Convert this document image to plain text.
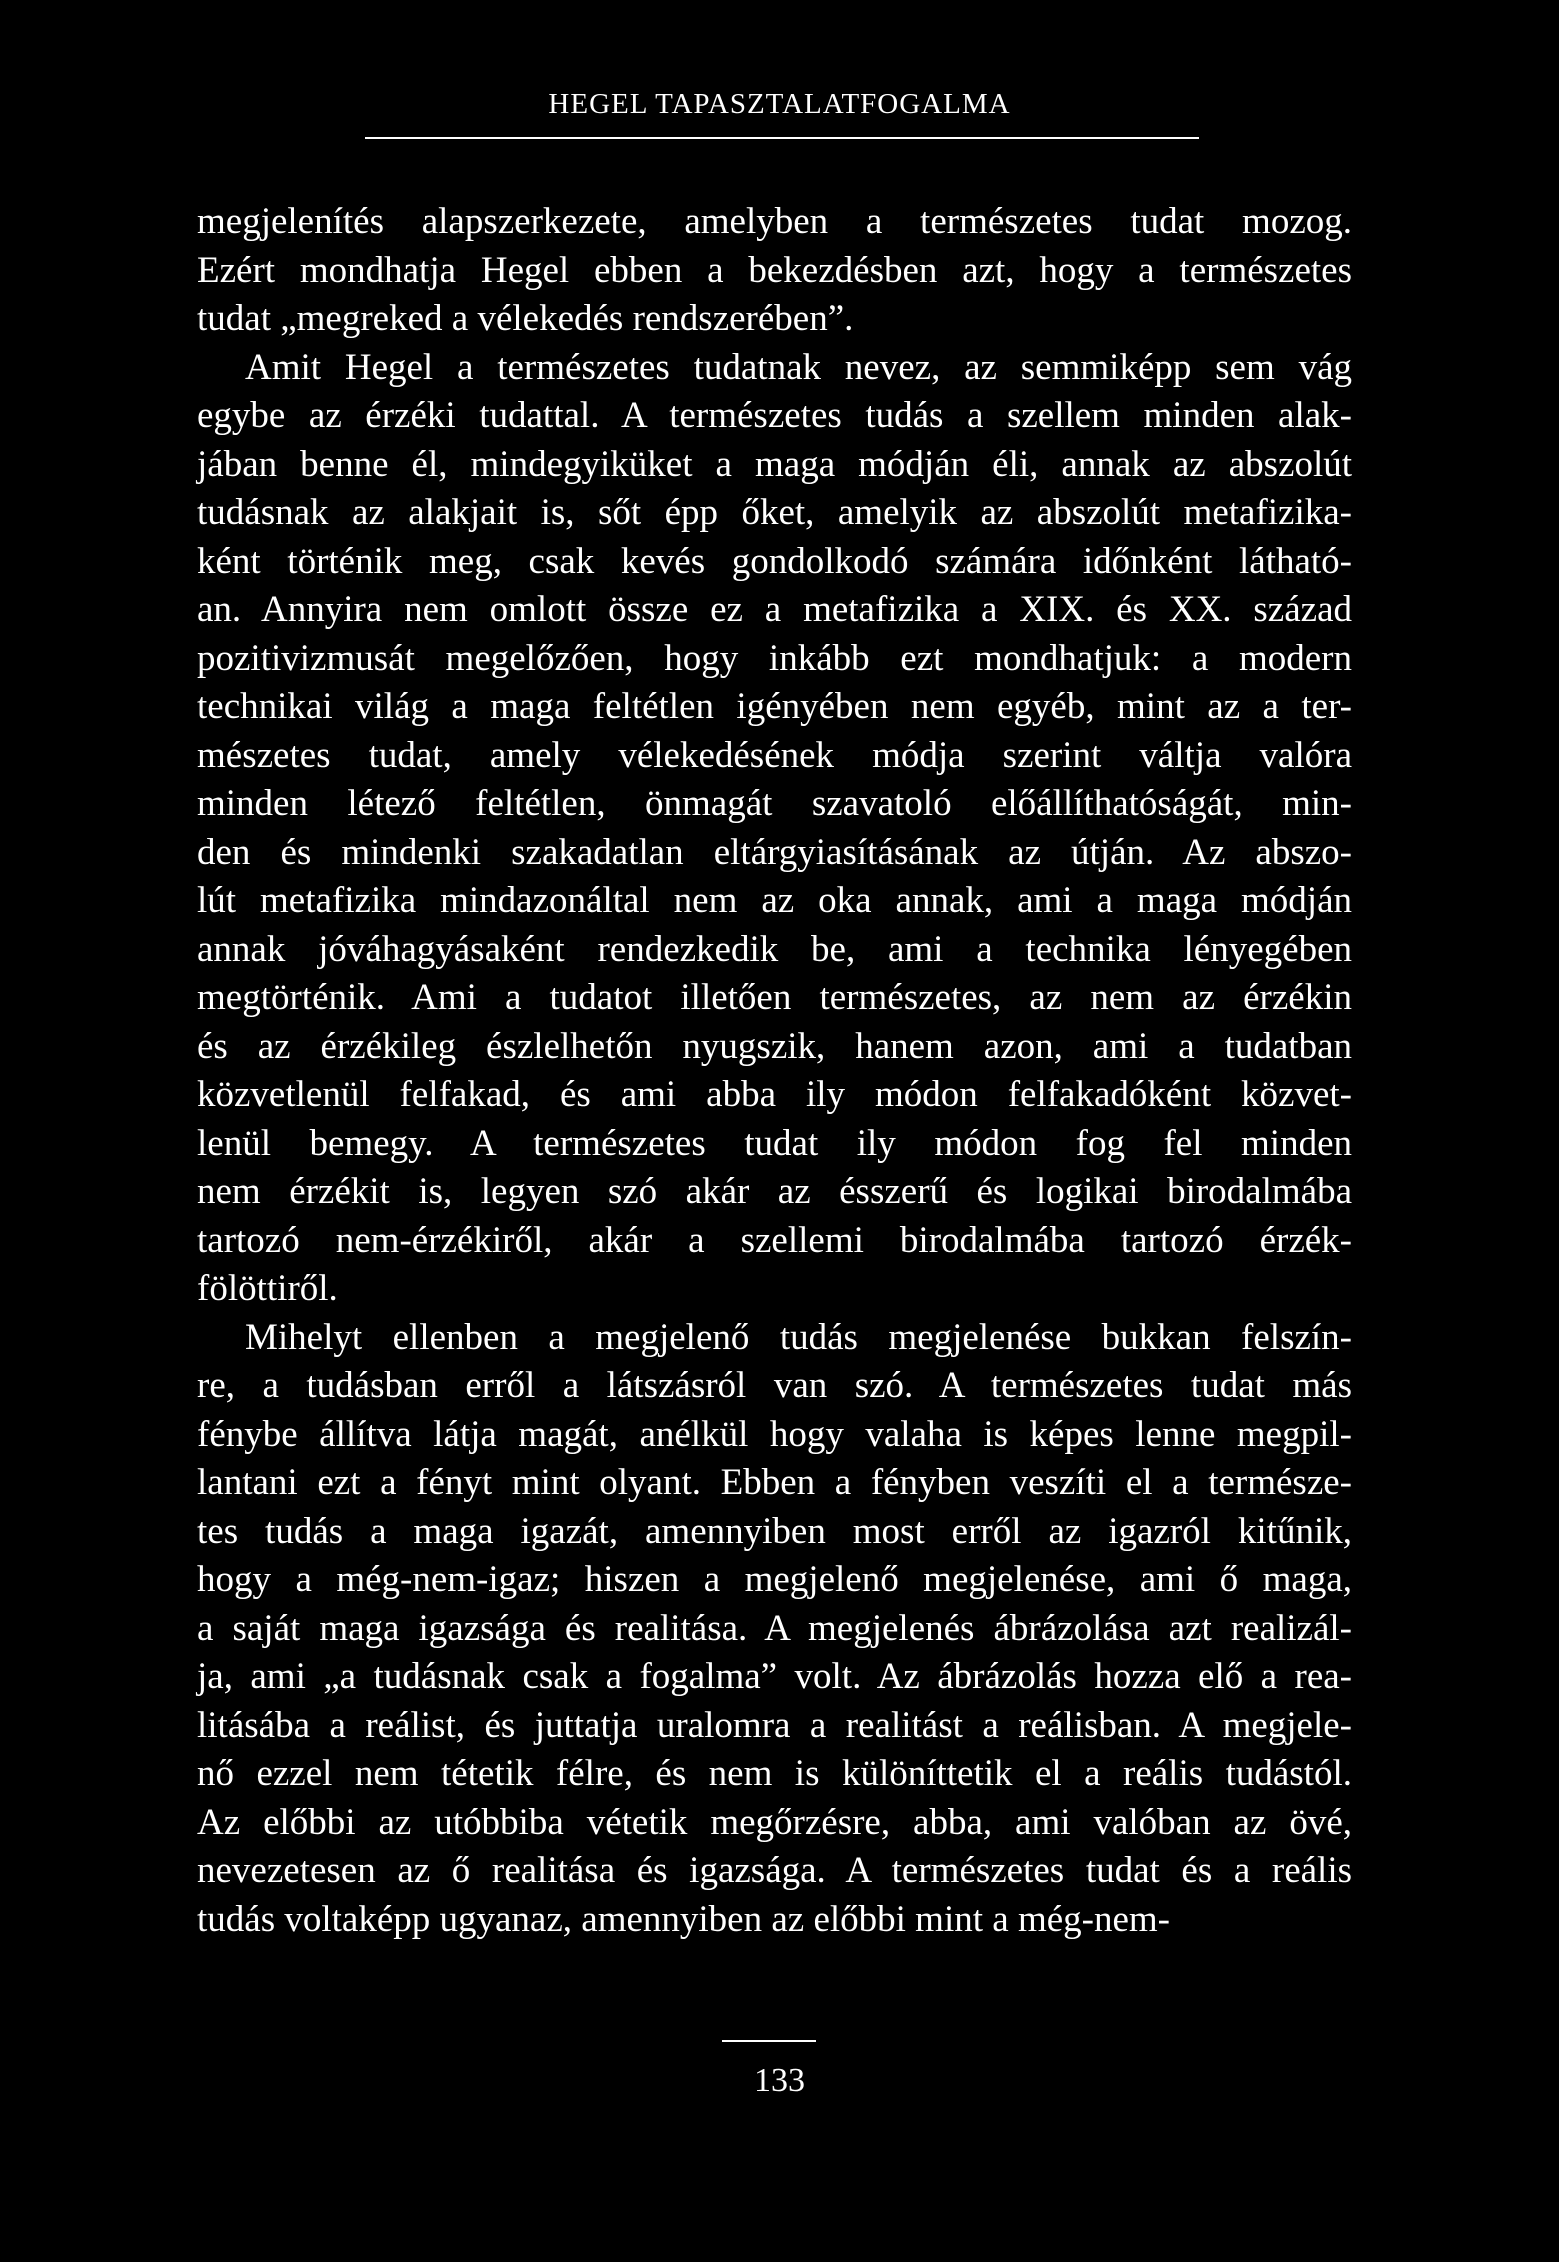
HEGEL TAPASZTALATFOGALMA
megjelenítés alapszerkezete, amelyben a természetes tudat mozog.
Ezért mondhatja Hegel ebben a bekezdésben azt, hogy a természetes
tudat „megreked a vélekedés rendszerében”.
Amit Hegel a természetes tudatnak nevez, az semmiképp sem vág
egybe az érzéki tudattal. A természetes tudás a szellem minden alak-
jában benne él, mindegyiküket a maga módján éli, annak az abszolút
tudásnak az alakjait is, sőt épp őket, amelyik az abszolút metafizika-
ként történik meg, csak kevés gondolkodó számára időnként látható-
an. Annyira nem omlott össze ez a metafizika a XIX. és XX. század
pozitivizmusát megelőzően, hogy inkább ezt mondhatjuk: a modern
technikai világ a maga feltétlen igényében nem egyéb, mint az a ter-
mészetes tudat, amely vélekedésének módja szerint váltja valóra
minden létező feltétlen, önmagát szavatoló előállíthatóságát, min-
den és mindenki szakadatlan eltárgyiasításának az útján. Az abszo-
lút metafizika mindazonáltal nem az oka annak, ami a maga módján
annak jóváhagyásaként rendezkedik be, ami a technika lényegében
megtörténik. Ami a tudatot illetően természetes, az nem az érzékin
és az érzékileg észlelhetőn nyugszik, hanem azon, ami a tudatban
közvetlenül felfakad, és ami abba ily módon felfakadóként közvet-
lenül bemegy. A természetes tudat ily módon fog fel minden
nem érzékit is, legyen szó akár az ésszerű és logikai birodalmába
tartozó nem-érzékiről, akár a szellemi birodalmába tartozó érzék-
fölöttiről.
Mihelyt ellenben a megjelenő tudás megjelenése bukkan felszín-
re, a tudásban erről a látszásról van szó. A természetes tudat más
fénybe állítva látja magát, anélkül hogy valaha is képes lenne megpil-
lantani ezt a fényt mint olyant. Ebben a fényben veszíti el a természe-
tes tudás a maga igazát, amennyiben most erről az igazról kitűnik,
hogy a még-nem-igaz; hiszen a megjelenő megjelenése, ami ő maga,
a saját maga igazsága és realitása. A megjelenés ábrázolása azt realizál-
ja, ami „a tudásnak csak a fogalma” volt. Az ábrázolás hozza elő a rea-
litásába a reálist, és juttatja uralomra a realitást a reálisban. A megjele-
nő ezzel nem tétetik félre, és nem is különíttetik el a reális tudástól.
Az előbbi az utóbbiba vétetik megőrzésre, abba, ami valóban az övé,
nevezetesen az ő realitása és igazsága. A természetes tudat és a reális
tudás voltaképp ugyanaz, amennyiben az előbbi mint a még-nem-
133
